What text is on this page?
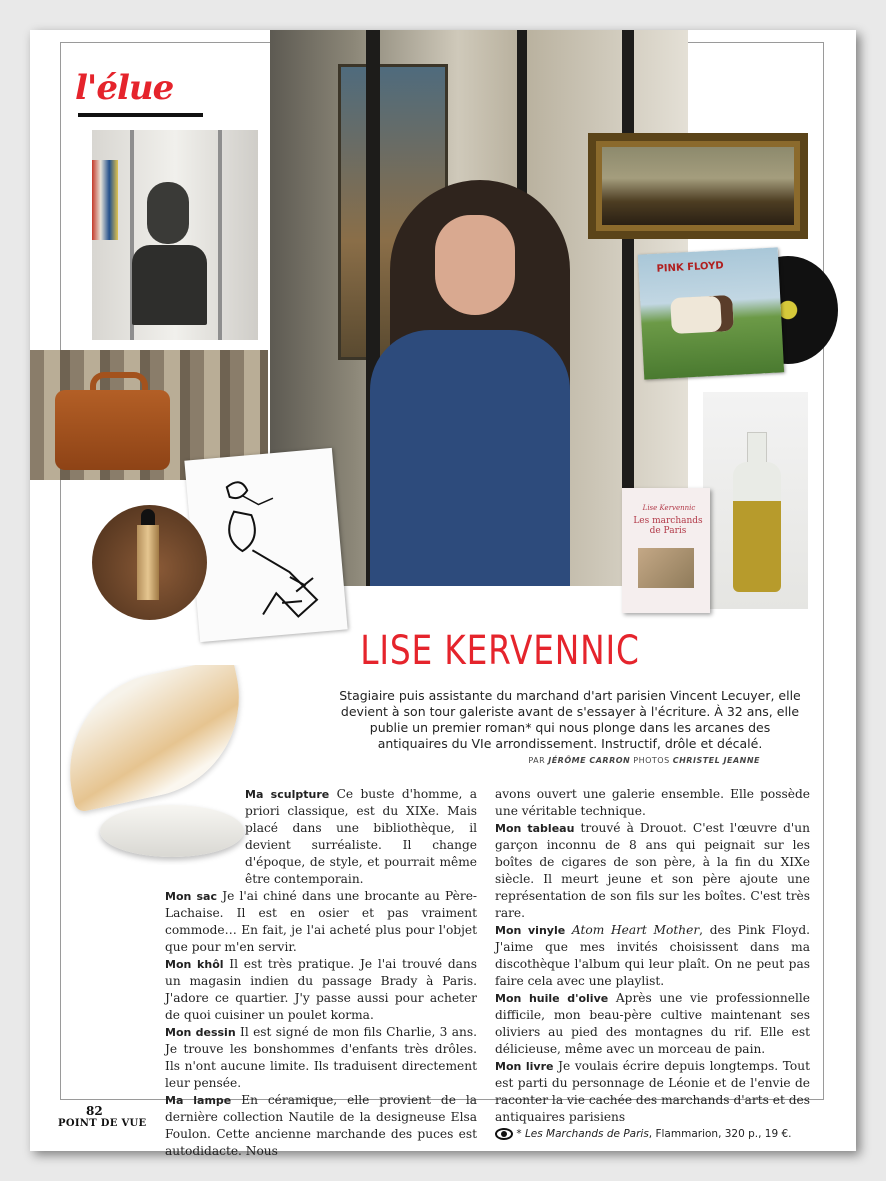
l'élue
PINK FLOYD
Lise Kervennic
Les marchands de Paris
LISE KERVENNIC
Stagiaire puis assistante du marchand d'art parisien Vincent Lecuyer, elle devient à son tour galeriste avant de s'essayer à l'écriture. À 32 ans, elle publie un premier roman* qui nous plonge dans les arcanes des antiquaires du VIe arrondissement. Instructif, drôle et décalé.
PAR JÉRÔME CARRON PHOTOS CHRISTEL JEANNE

Ma sculpture Ce buste d'homme, a priori classique, est du XIXe. Mais placé dans une bibliothèque, il devient surréaliste. Il change d'époque, de style, et pourrait même être contemporain.

Mon sac Je l'ai chiné dans une brocante au Père-Lachaise. Il est en osier et pas vraiment commode… En fait, je l'ai acheté plus pour l'objet que pour m'en servir.

Mon khôl Il est très pratique. Je l'ai trouvé dans un magasin indien du passage Brady à Paris. J'adore ce quartier. J'y passe aussi pour acheter de quoi cuisiner un poulet korma.

Mon dessin Il est signé de mon fils Charlie, 3 ans. Je trouve les bonshommes d'enfants très drôles. Ils n'ont aucune limite. Ils traduisent directement leur pensée.

Ma lampe En céramique, elle provient de la dernière collection Nautile de la designeuse Elsa Foulon. Cette ancienne marchande des puces est autodidacte. Nous

avons ouvert une galerie ensemble. Elle possède une véritable technique.

Mon tableau trouvé à Drouot. C'est l'œuvre d'un garçon inconnu de 8 ans qui peignait sur les boîtes de cigares de son père, à la fin du XIXe siècle. Il meurt jeune et son père ajoute une représentation de son fils sur les boîtes. C'est très rare.

Mon vinyle Atom Heart Mother, des Pink Floyd. J'aime que mes invités choisissent dans ma discothèque l'album qui leur plaît. On ne peut pas faire cela avec une playlist.

Mon huile d'olive Après une vie professionnelle difficile, mon beau-père cultive maintenant ses oliviers au pied des montagnes du rif. Elle est délicieuse, même avec un morceau de pain.

Mon livre Je voulais écrire depuis longtemps. Tout est parti du personnage de Léonie et de l'envie de raconter la vie cachée des marchands d'arts et des antiquaires parisiens

* Les Marchands de Paris, Flammarion, 320 p., 19 €.

82
POINT DE VUE
